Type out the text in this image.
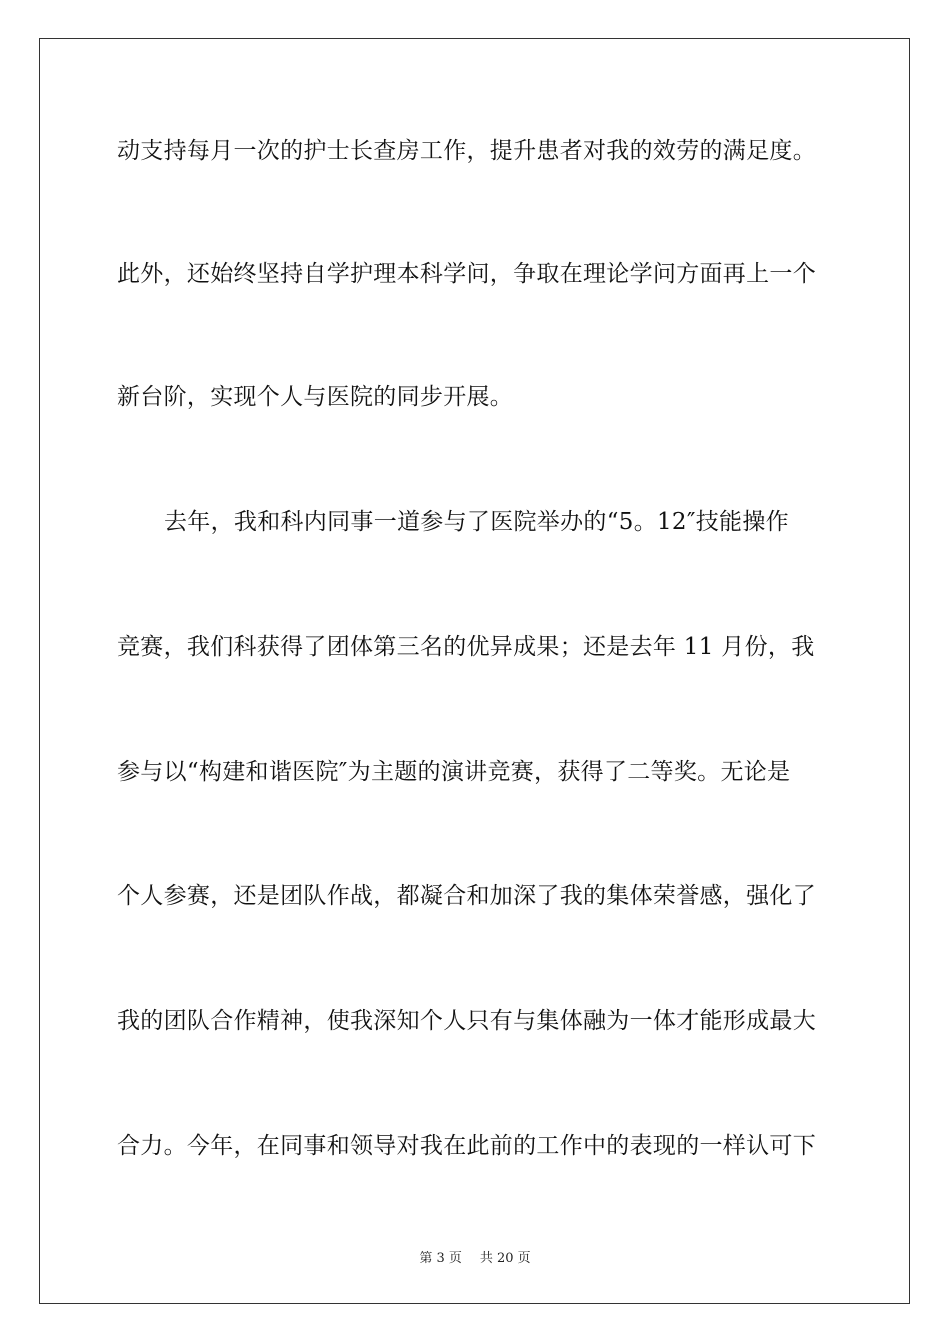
动支持每月一次的护士长查房工作，提升患者对我的效劳的满足度。
此外，还始终坚持自学护理本科学问，争取在理论学问方面再上一个
新台阶，实现个人与医院的同步开展。
去年，我和科内同事一道参与了医院举办的“5。12″技能操作
竞赛，我们科获得了团体第三名的优异成果；还是去年 11 月份，我
参与以“构建和谐医院″为主题的演讲竞赛，获得了二等奖。无论是
个人参赛，还是团队作战，都凝合和加深了我的集体荣誉感，强化了
我的团队合作精神，使我深知个人只有与集体融为一体才能形成最大
合力。今年，在同事和领导对我在此前的工作中的表现的一样认可下
第 3 页 共 20 页
